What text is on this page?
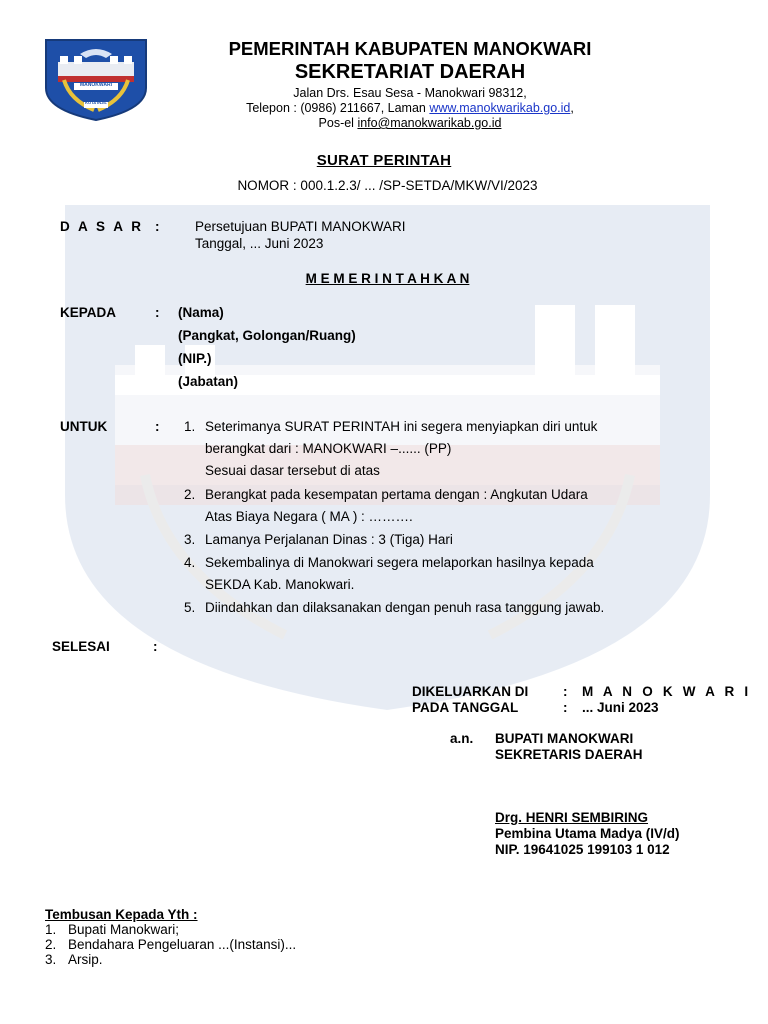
MANOKWARI
KOTA INJIL
PEMERINTAH KABUPATEN MANOKWARI
SEKRETARIAT DAERAH
Jalan Drs. Esau Sesa - Manokwari 98312,
Telepon : (0986) 211667, Laman www.manokwarikab.go.id,
Pos-el info@manokwarikab.go.id
SURAT PERINTAH
NOMOR : 000.1.2.3/ ... /SP-SETDA/MKW/VI/2023
D A S A R :	Persetujuan BUPATI MANOKWARI
Tanggal, ... Juni 2023
M E M E R I N T A H K A N
KEPADA	: (Nama)
(Pangkat, Golongan/Ruang)
(NIP.)
(Jabatan)
UNTUK	: 1. Seterimanya SURAT PERINTAH ini segera menyiapkan diri untuk
berangkat dari : MANOKWARI –...... (PP)
Sesuai dasar tersebut di atas
2. Berangkat pada kesempatan pertama dengan : Angkutan Udara
Atas Biaya Negara ( MA ) : ……….
3. Lamanya Perjalanan Dinas : 3 (Tiga) Hari
4. Sekembalinya di Manokwari segera melaporkan hasilnya kepada
SEKDA Kab. Manokwari.
5. Diindahkan dan dilaksanakan dengan penuh rasa tanggung jawab.
SELESAI	:
DIKELUARKAN DI	: M A N O K W A R I
PADA TANGGAL	: ... Juni 2023
a.n. BUPATI MANOKWARI
SEKRETARIS DAERAH
Drg. HENRI SEMBIRING
Pembina Utama Madya (IV/d)
NIP. 19641025 199103 1 012
Tembusan Kepada Yth :
1. Bupati Manokwari;
2. Bendahara Pengeluaran ...(Instansi)...
3. Arsip.
